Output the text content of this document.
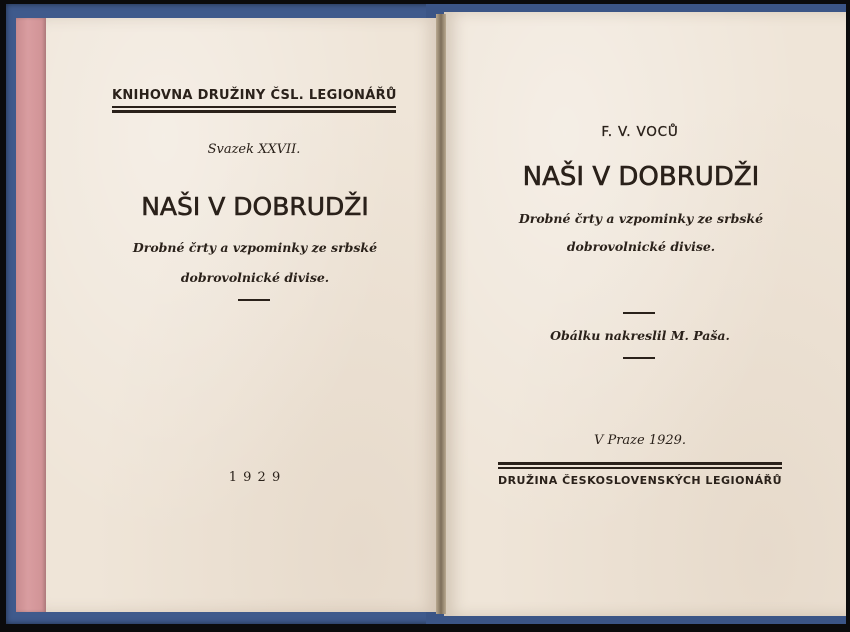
KNIHOVNA DRUŽINY ČSL. LEGIONÁŘŮ
Svazek XXVII.
NAŠI V DOBRUDŽI
Drobné črty a vzpominky ze srbské
dobrovolnické divise.
1 9 2 9
F. V. VOCŮ
NAŠI V DOBRUDŽI
Drobné črty a vzpominky ze srbské
dobrovolnické divise.
Obálku nakreslil M. Paša.
V Praze 1929.
DRUŽINA ČESKOSLOVENSKÝCH LEGIONÁŘŮ
